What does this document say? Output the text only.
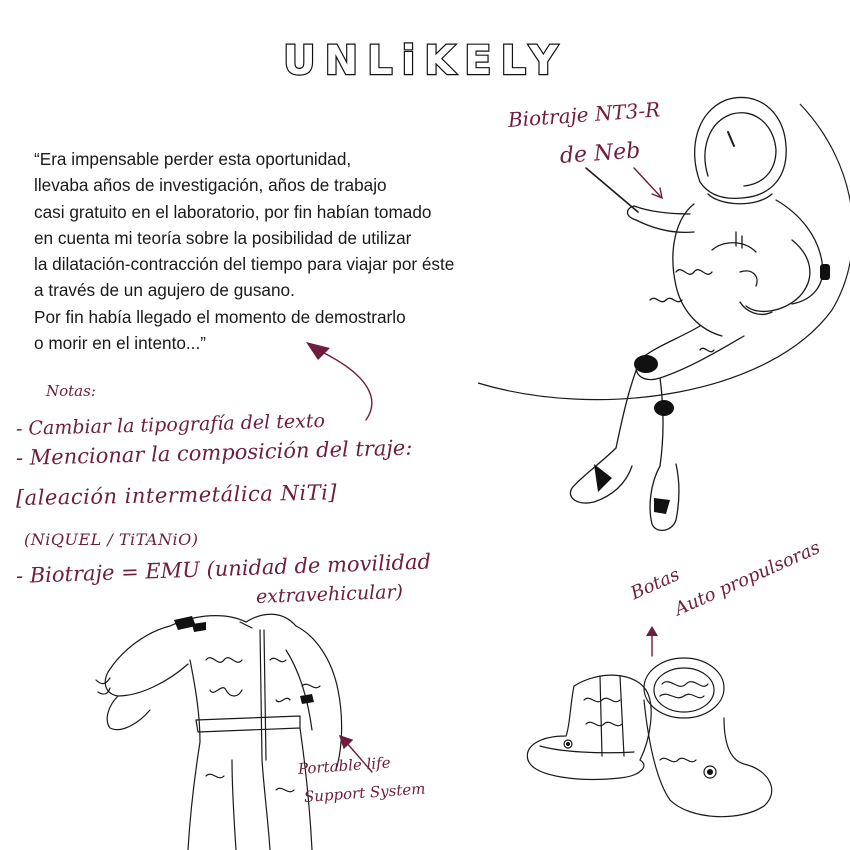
UNLiKELY
“Era impensable perder esta oportunidad,
llevaba años de investigación, años de trabajo
casi gratuito en el laboratorio, por fin habían tomado
en cuenta mi teoría sobre la posibilidad de utilizar
la dilatación-contracción del tiempo para viajar por éste
a través de un agujero de gusano.
Por fin había llegado el momento de demostrarlo
o morir en el intento...”
Notas:
- Cambiar la tipografía del texto
- Mencionar la composición del traje:
[aleación intermetálica NiTi]
(NiQUEL / TiTANiO)
- Biotraje = EMU (unidad de movilidad
extravehicular)
Biotraje NT3-R
de Neb
Portable life
Support System
Botas
Auto propulsoras
